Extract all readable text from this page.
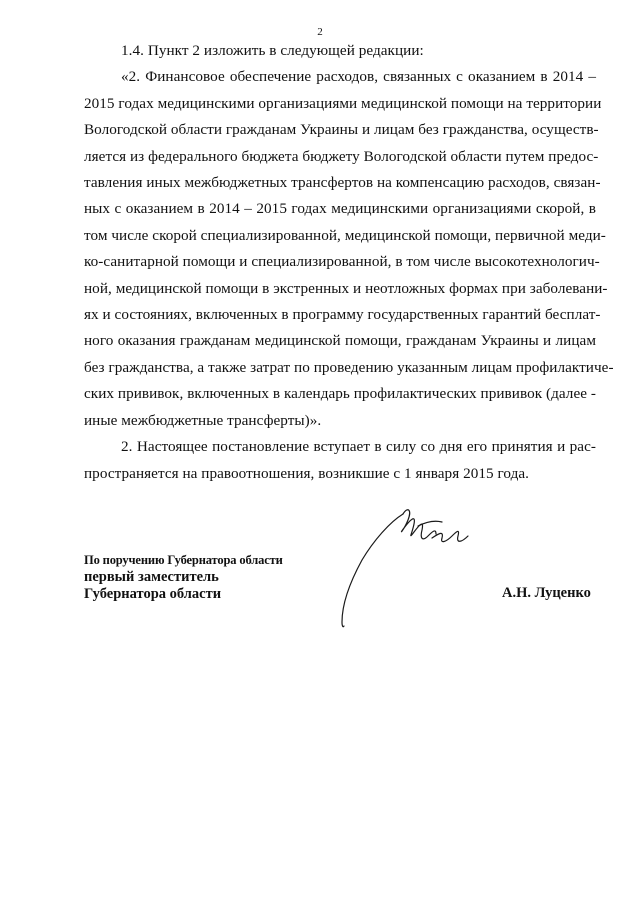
2
1.4. Пункт 2 изложить в следующей редакции:
«2. Финансовое обеспечение расходов, связанных с оказанием в 2014 –
2015 годах медицинскими организациями медицинской помощи на территории
Вологодской области гражданам Украины и лицам без гражданства, осуществ-
ляется из федерального бюджета бюджету Вологодской области путем предос-
тавления иных межбюджетных трансфертов на компенсацию расходов, связан-
ных с оказанием в 2014 – 2015 годах медицинскими организациями скорой, в
том числе скорой специализированной, медицинской помощи, первичной меди-
ко-санитарной помощи и специализированной, в том числе высокотехнологич-
ной, медицинской помощи в экстренных и неотложных формах при заболевани-
ях и состояниях, включенных в программу государственных гарантий бесплат-
ного оказания гражданам медицинской помощи, гражданам Украины и лицам
без гражданства, а также затрат по проведению указанным лицам профилактиче-
ских прививок, включенных в календарь профилактических прививок (далее -
иные межбюджетные трансферты)».
2. Настоящее постановление вступает в силу со дня его принятия и рас-
пространяется на правоотношения, возникшие с 1 января 2015 года.
По поручению Губернатора области
первый заместитель
Губернатора области	А.Н. Луценко
